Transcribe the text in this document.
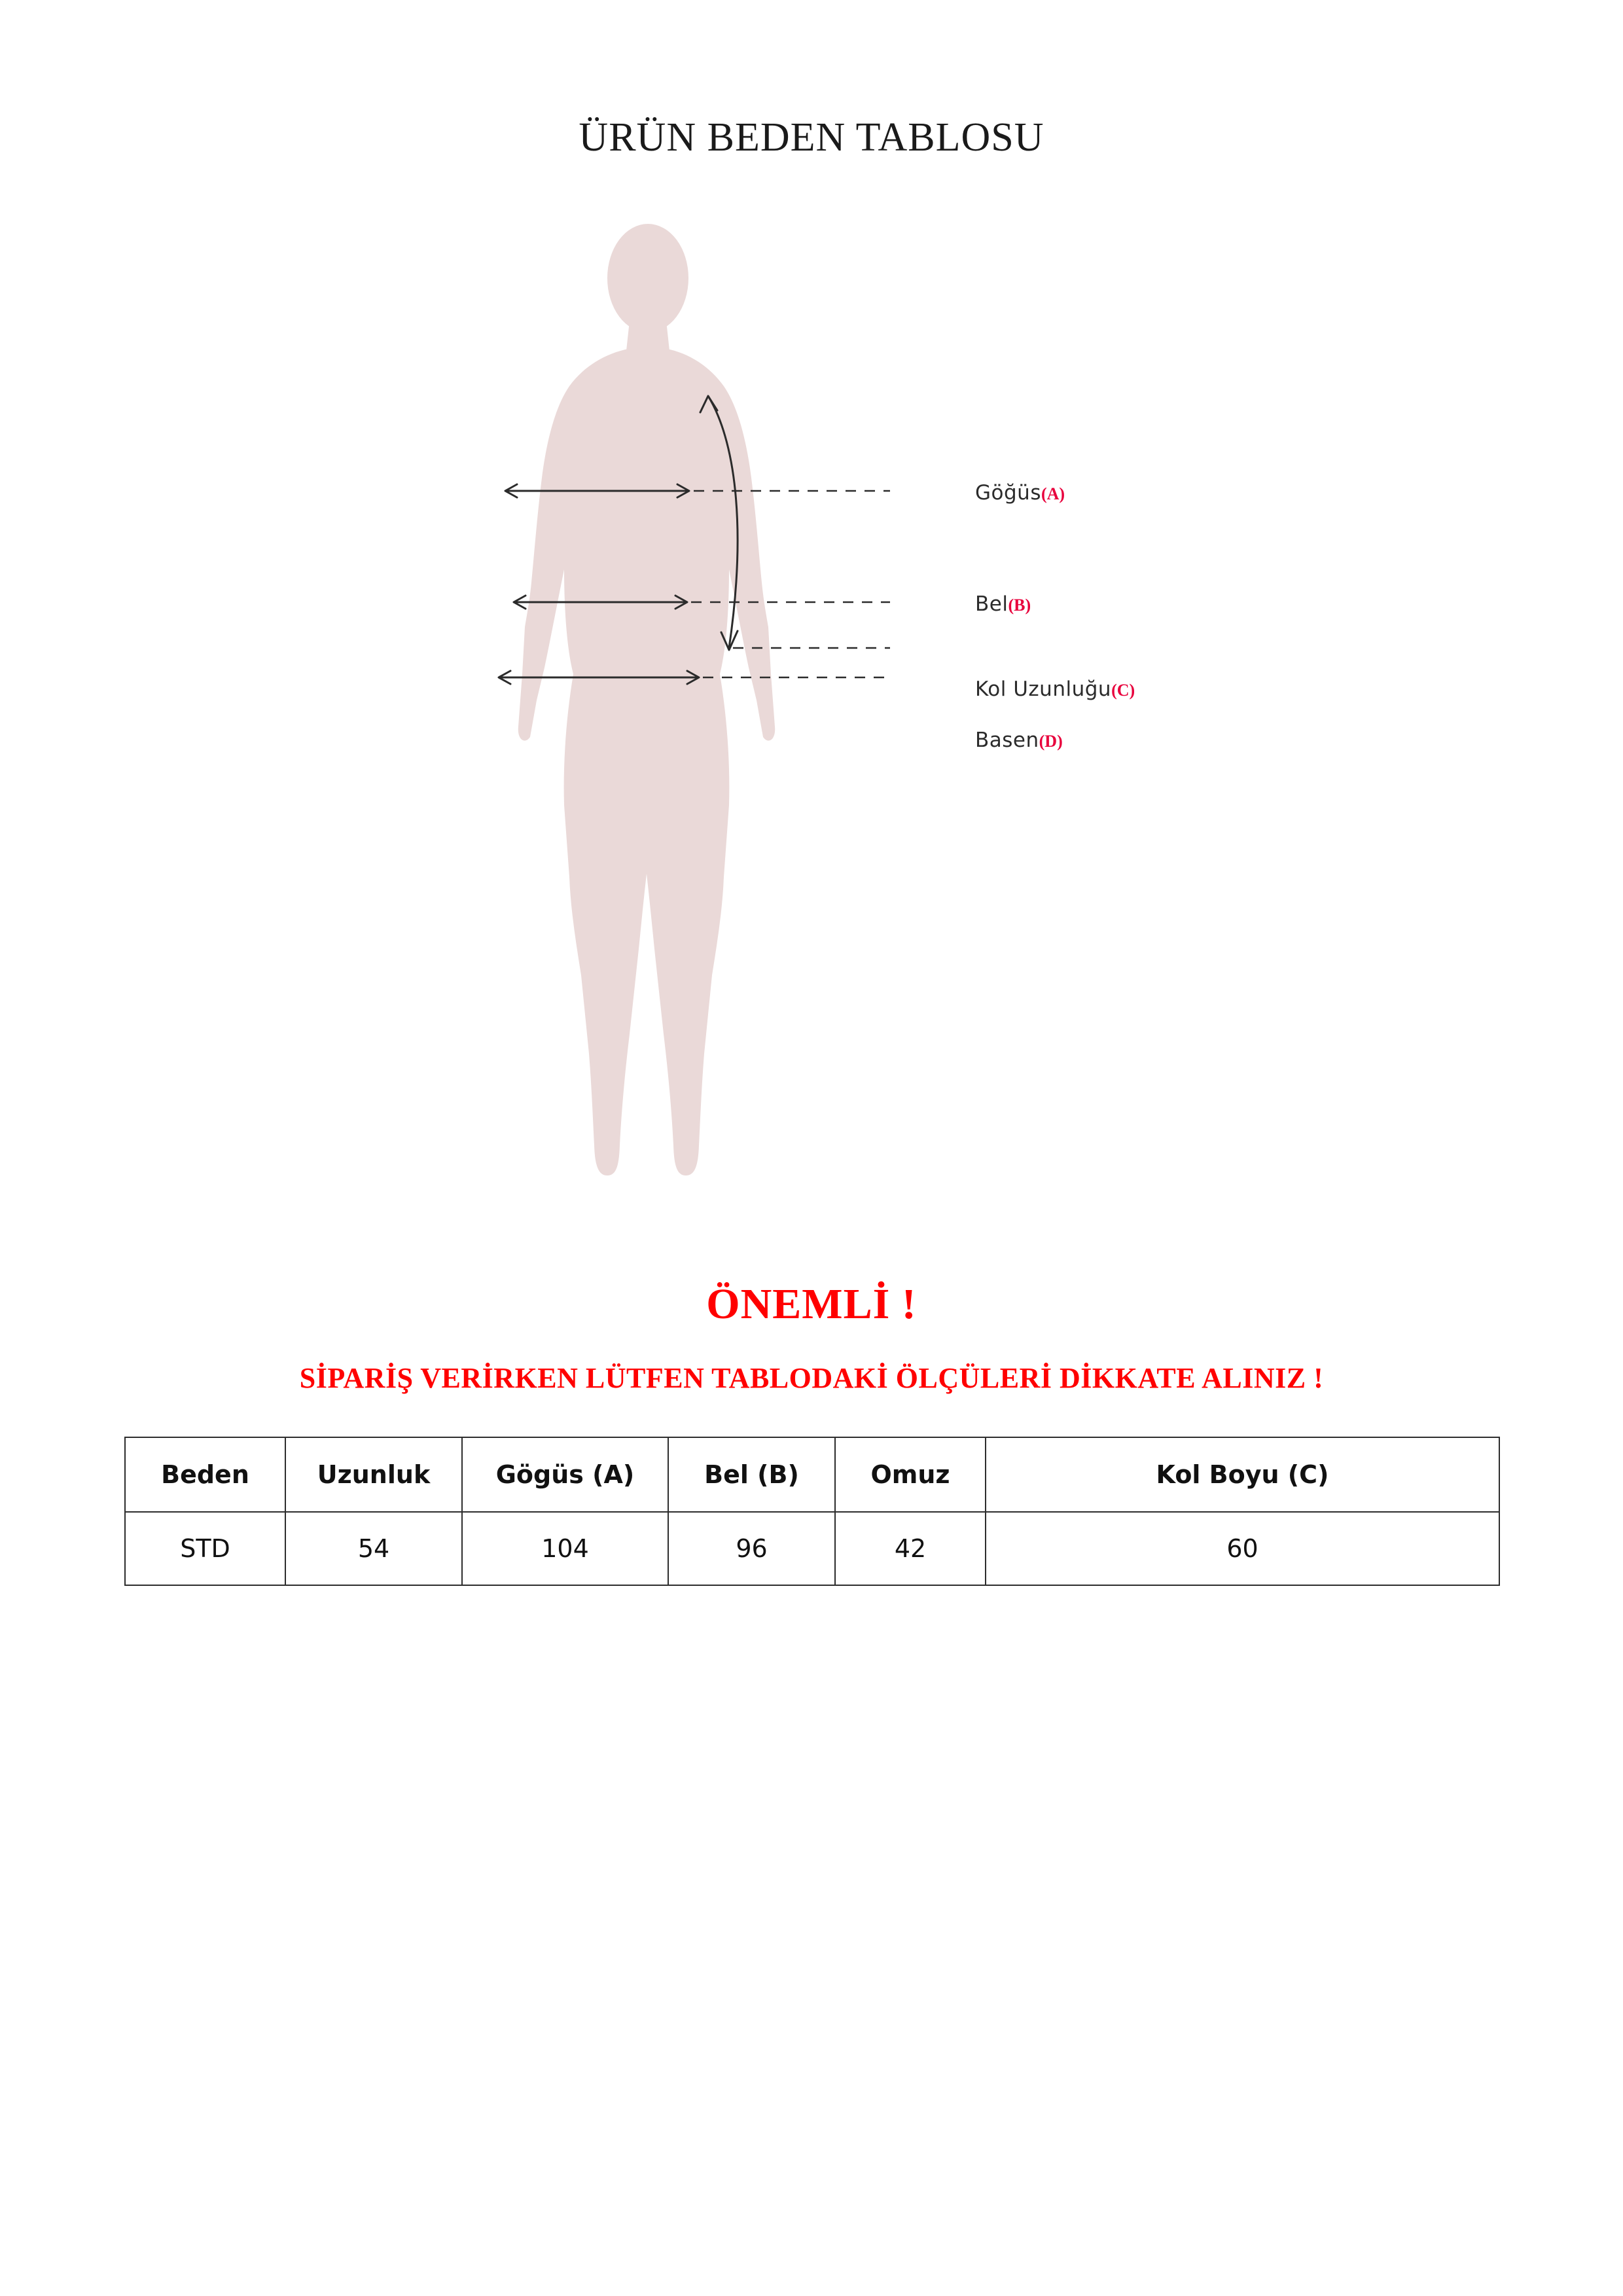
ÜRÜN BEDEN TABLOSU
Göğüs(A)
Bel(B)
Kol Uzunluğu(C)
Basen(D)
ÖNEMLİ !
SİPARİŞ VERİRKEN LÜTFEN TABLODAKİ ÖLÇÜLERİ DİKKATE ALINIZ !
Beden	Uzunluk	Gögüs (A)	Bel (B)	Omuz	Kol Boyu (C)
STD	54	104	96	42	60
